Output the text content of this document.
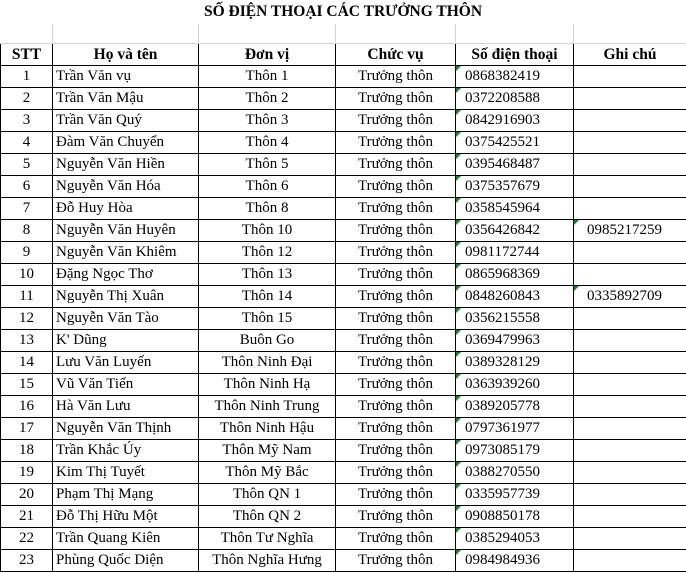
SỐ ĐIỆN THOẠI CÁC TRƯỞNG THÔN

STT	Họ và tên	Đơn vị	Chức vụ	Số điện thoại	Ghi chú
1	Trần Văn vụ	Thôn 1	Trưởng thôn	0868382419	
2	Trần Văn Mậu	Thôn 2	Trưởng thôn	0372208588	
3	Trần Văn Quý	Thôn 3	Trưởng thôn	0842916903	
4	Đàm Văn Chuyển	Thôn 4	Trưởng thôn	0375425521	
5	Nguyễn Văn Hiền	Thôn 5	Trưởng thôn	0395468487	
6	Nguyễn Văn Hóa	Thôn 6	Trưởng thôn	0375357679	
7	Đỗ Huy Hòa	Thôn 8	Trưởng thôn	0358545964	
8	Nguyễn Văn Huyên	Thôn 10	Trưởng thôn	0356426842	0985217259
9	Nguyễn Văn Khiêm	Thôn 12	Trưởng thôn	0981172744	
10	Đặng Ngọc Thơ	Thôn 13	Trưởng thôn	0865968369	
11	Nguyễn Thị Xuân	Thôn 14	Trưởng thôn	0848260843	0335892709
12	Nguyễn Văn Tào	Thôn 15	Trưởng thôn	0356215558	
13	K' Dũng	Buôn Go	Trưởng thôn	0369479963	
14	Lưu Văn Luyến	Thôn Ninh Đại	Trưởng thôn	0389328129	
15	Vũ Văn Tiến	Thôn Ninh Hạ	Trưởng thôn	0363939260	
16	Hà Văn Lưu	Thôn Ninh Trung	Trưởng thôn	0389205778	
17	Nguyễn Văn Thịnh	Thôn Ninh Hậu	Trưởng thôn	0797361977	
18	Trần Khắc Úy	Thôn Mỹ Nam	Trưởng thôn	0973085179	
19	Kim Thị Tuyết	Thôn Mỹ Bắc	Trưởng thôn	0388270550	
20	Phạm Thị Mạng	Thôn QN 1	Trưởng thôn	0335957739	
21	Đỗ Thị Hữu Một	Thôn QN 2	Trưởng thôn	0908850178	
22	Trần Quang Kiên	Thôn Tư Nghĩa	Trưởng thôn	0385294053	
23	Phùng Quốc Diện	Thôn Nghĩa Hưng	Trưởng thôn	0984984936	
